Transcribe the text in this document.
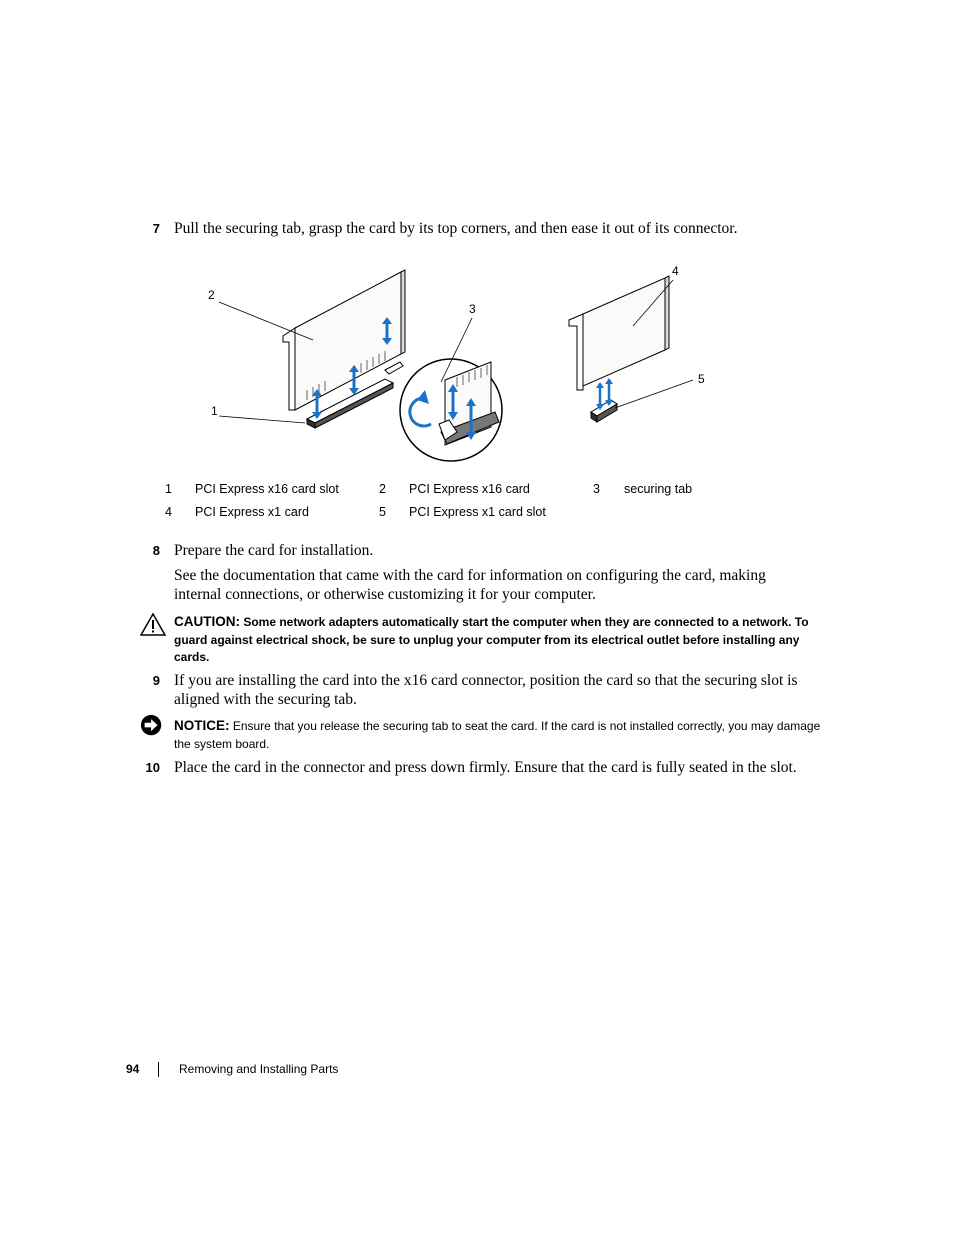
7 Pull the securing tab, grasp the card by its top corners, and then ease it out of its connector.
2
1
3
4
5
1	PCI Express x16 card slot	2	PCI Express x16 card	3	securing tab
4	PCI Express x1 card	5	PCI Express x1 card slot
8 Prepare the card for installation.
See the documentation that came with the card for information on configuring the card, making internal connections, or otherwise customizing it for your computer.
CAUTION: Some network adapters automatically start the computer when they are connected to a network. To guard against electrical shock, be sure to unplug your computer from its electrical outlet before installing any cards.
9 If you are installing the card into the x16 card connector, position the card so that the securing slot is aligned with the securing tab.
NOTICE: Ensure that you release the securing tab to seat the card. If the card is not installed correctly, you may damage the system board.
10 Place the card in the connector and press down firmly. Ensure that the card is fully seated in the slot.
94	Removing and Installing Parts
